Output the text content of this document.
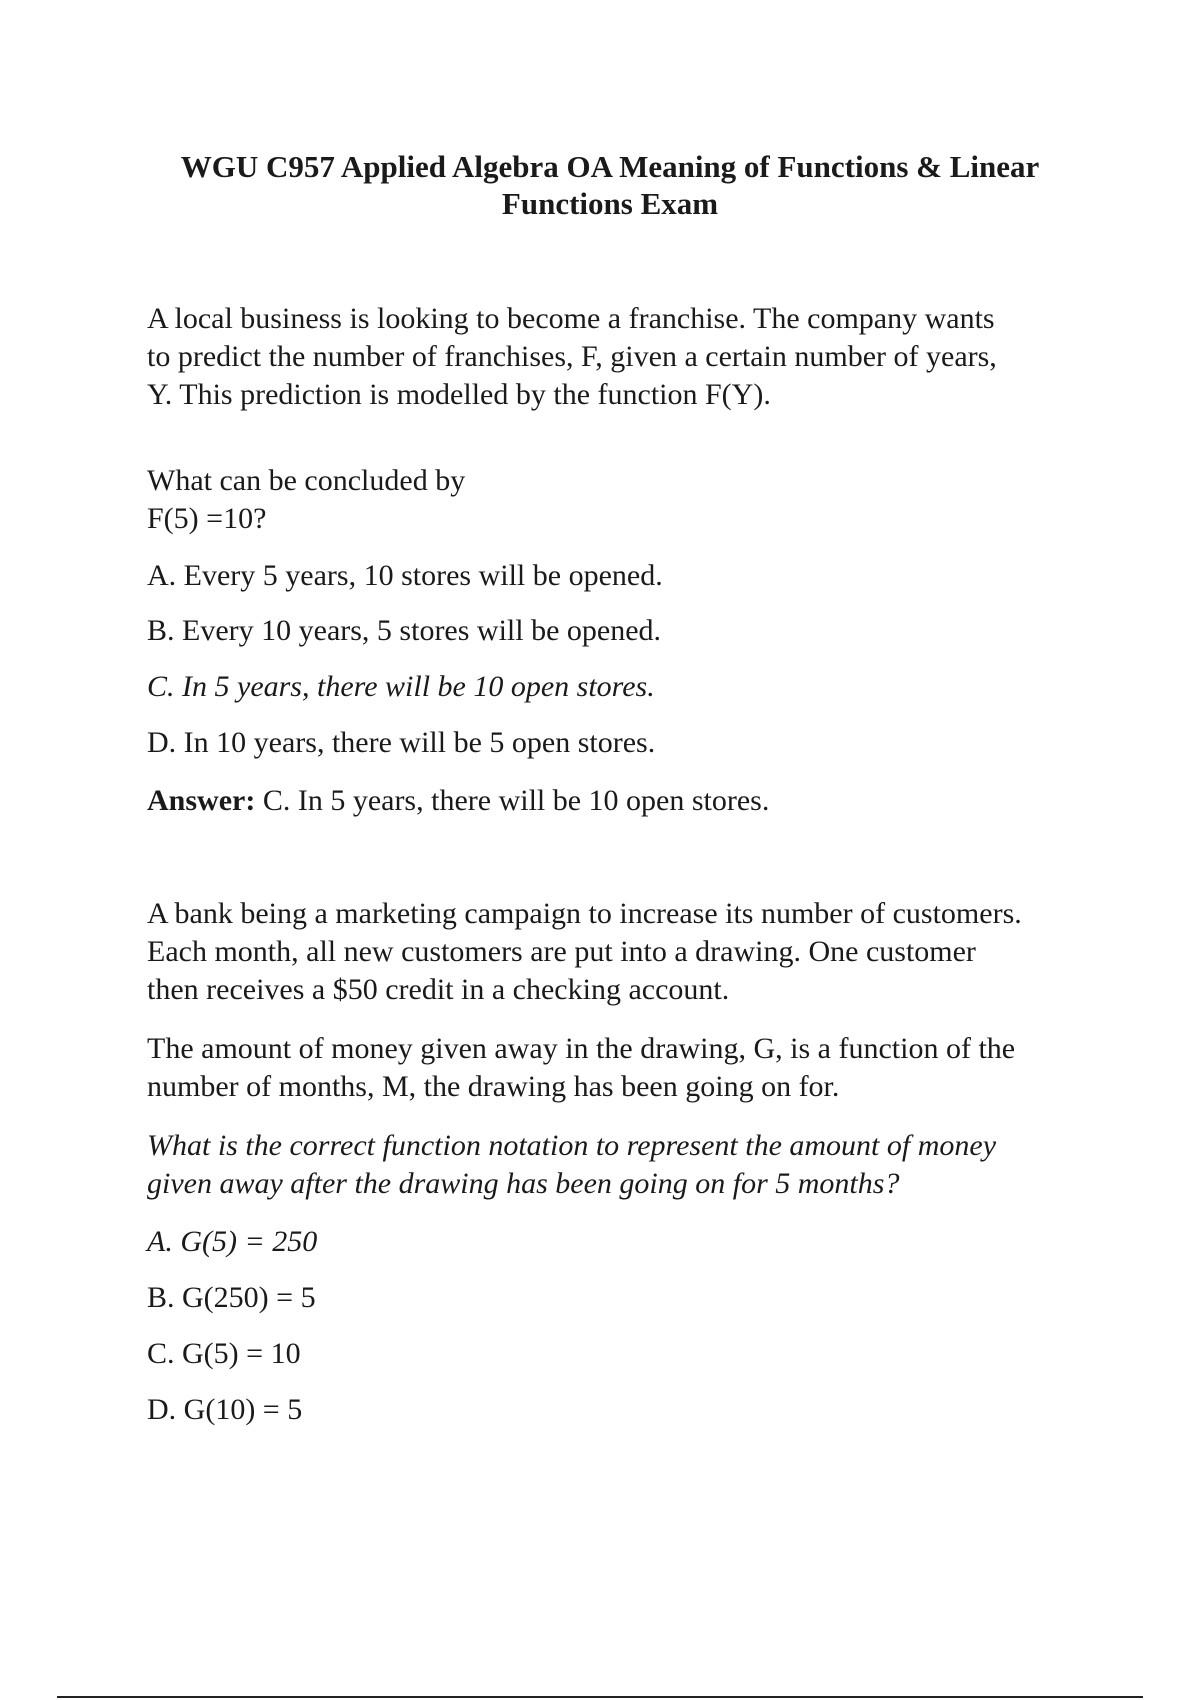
WGU C957 Applied Algebra OA Meaning of Functions & Linear
Functions Exam

A local business is looking to become a franchise. The company wants
to predict the number of franchises, F, given a certain number of years,
Y. This prediction is modelled by the function F(Y).

What can be concluded by
F(5) =10?

A. Every 5 years, 10 stores will be opened.

B. Every 10 years, 5 stores will be opened.

C. In 5 years, there will be 10 open stores.

D. In 10 years, there will be 5 open stores.

Answer: C. In 5 years, there will be 10 open stores.

A bank being a marketing campaign to increase its number of customers.
Each month, all new customers are put into a drawing. One customer
then receives a $50 credit in a checking account.

The amount of money given away in the drawing, G, is a function of the
number of months, M, the drawing has been going on for.

What is the correct function notation to represent the amount of money
given away after the drawing has been going on for 5 months?

A. G(5) = 250

B. G(250) = 5

C. G(5) = 10

D. G(10) = 5
